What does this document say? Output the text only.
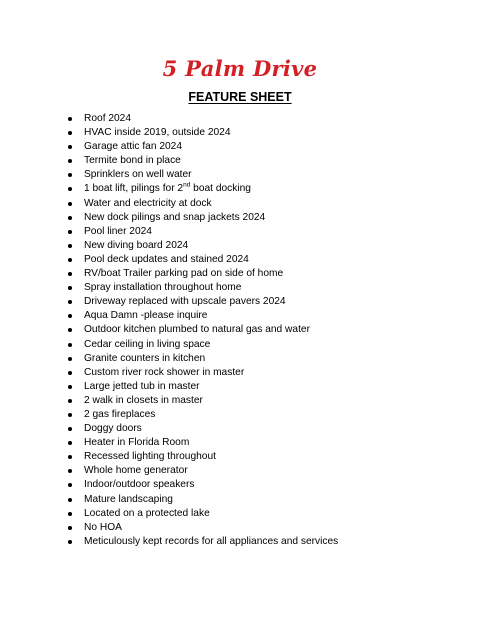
5 Palm Drive
FEATURE SHEET
Roof 2024
HVAC inside 2019, outside 2024
Garage attic fan 2024
Termite bond in place
Sprinklers on well water
1 boat lift, pilings for 2nd boat docking
Water and electricity at dock
New dock pilings and snap jackets 2024
Pool liner 2024
New diving board 2024
Pool deck updates and stained 2024
RV/boat Trailer parking pad on side of home
Spray installation throughout home
Driveway replaced with upscale pavers 2024
Aqua Damn -please inquire
Outdoor kitchen plumbed to natural gas and water
Cedar ceiling in living space
Granite counters in kitchen
Custom river rock shower in master
Large jetted tub in master
2 walk in closets in master
2 gas fireplaces
Doggy doors
Heater in Florida Room
Recessed lighting throughout
Whole home generator
Indoor/outdoor speakers
Mature landscaping
Located on a protected lake
No HOA
Meticulously kept records for all appliances and services
